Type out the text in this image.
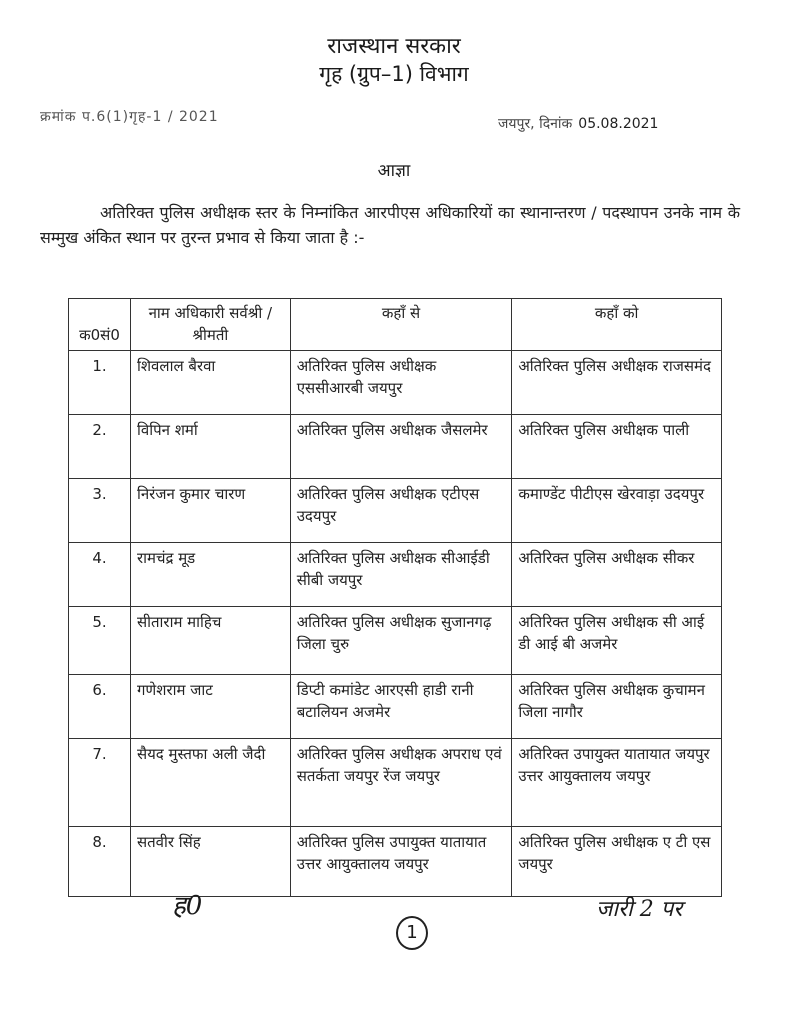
राजस्थान सरकार
गृह (ग्रुप–1) विभाग
क्रमांक प.6(1)गृह-1 / 2021	जयपुर, दिनांक 05.08.2021
आज्ञा
अतिरिक्त पुलिस अधीक्षक स्तर के निम्नांकित आरपीएस अधिकारियों का स्थानान्तरण / पदस्थापन उनके नाम के सम्मुख अंकित स्थान पर तुरन्त प्रभाव से किया जाता है :-
क0सं0	नाम अधिकारी सर्वश्री / श्रीमती	कहाँ से	कहाँ को
1.	शिवलाल बैरवा	अतिरिक्त पुलिस अधीक्षक एससीआरबी जयपुर	अतिरिक्त पुलिस अधीक्षक राजसमंद
2.	विपिन शर्मा	अतिरिक्त पुलिस अधीक्षक जैसलमेर	अतिरिक्त पुलिस अधीक्षक पाली
3.	निरंजन कुमार चारण	अतिरिक्त पुलिस अधीक्षक एटीएस उदयपुर	कमाण्डेंट पीटीएस खेरवाड़ा उदयपुर
4.	रामचंद्र मूड	अतिरिक्त पुलिस अधीक्षक सीआईडी सीबी जयपुर	अतिरिक्त पुलिस अधीक्षक सीकर
5.	सीताराम माहिच	अतिरिक्त पुलिस अधीक्षक सुजानगढ़ जिला चुरु	अतिरिक्त पुलिस अधीक्षक सी आई डी आई बी अजमेर
6.	गणेशराम जाट	डिप्टी कमांडेट आरएसी हाडी रानी बटालियन अजमेर	अतिरिक्त पुलिस अधीक्षक कुचामन जिला नागौर
7.	सैयद मुस्तफा अली जैदी	अतिरिक्त पुलिस अधीक्षक अपराध एवं सतर्कता जयपुर रेंज जयपुर	अतिरिक्त उपायुक्त यातायात जयपुर उत्तर आयुक्तालय जयपुर
8.	सतवीर सिंह	अतिरिक्त पुलिस उपायुक्त यातायात उत्तर आयुक्तालय जयपुर	अतिरिक्त पुलिस अधीक्षक ए टी एस जयपुर
ह0	जारी 2 पर
1
